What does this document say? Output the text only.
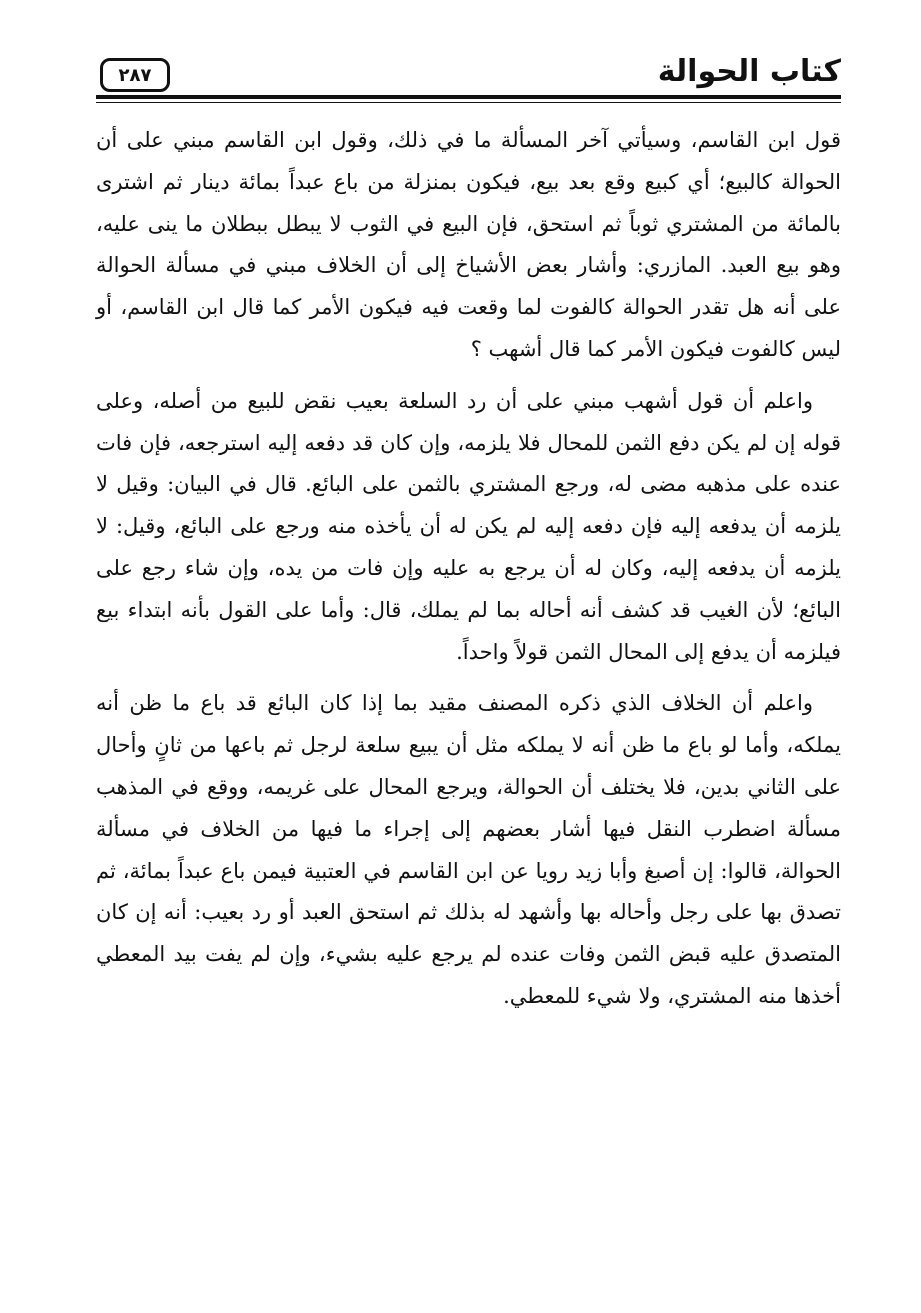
كتاب الحوالة
٢٨٧

قول ابن القاسم، وسيأتي آخر المسألة ما في ذلك، وقول ابن القاسم مبني على أن الحوالة كالبيع؛ أي كبيع وقع بعد بيع، فيكون بمنزلة من باع عبداً بمائة دينار ثم اشترى بالمائة من المشتري ثوباً ثم استحق، فإن البيع في الثوب لا يبطل ببطلان ما ينى عليه، وهو بيع العبد. المازري: وأشار بعض الأشياخ إلى أن الخلاف مبني في مسألة الحوالة على أنه هل تقدر الحوالة كالفوت لما وقعت فيه فيكون الأمر كما قال ابن القاسم، أو ليس كالفوت فيكون الأمر كما قال أشهب ؟

واعلم أن قول أشهب مبني على أن رد السلعة بعيب نقض للبيع من أصله، وعلى قوله إن لم يكن دفع الثمن للمحال فلا يلزمه، وإن كان قد دفعه إليه استرجعه، فإن فات عنده على مذهبه مضى له، ورجع المشتري بالثمن على البائع. قال في البيان: وقيل لا يلزمه أن يدفعه إليه فإن دفعه إليه لم يكن له أن يأخذه منه ورجع على البائع، وقيل: لا يلزمه أن يدفعه إليه، وكان له أن يرجع به عليه وإن فات من يده، وإن شاء رجع على البائع؛ لأن الغيب قد كشف أنه أحاله بما لم يملك، قال: وأما على القول بأنه ابتداء بيع فيلزمه أن يدفع إلى المحال الثمن قولاً واحداً.

واعلم أن الخلاف الذي ذكره المصنف مقيد بما إذا كان البائع قد باع ما ظن أنه يملكه، وأما لو باع ما ظن أنه لا يملكه مثل أن يبيع سلعة لرجل ثم باعها من ثانٍ وأحال على الثاني بدين، فلا يختلف أن الحوالة، ويرجع المحال على غريمه، ووقع في المذهب مسألة اضطرب النقل فيها أشار بعضهم إلى إجراء ما فيها من الخلاف في مسألة الحوالة، قالوا: إن أصبغ وأبا زيد رويا عن ابن القاسم في العتبية فيمن باع عبداً بمائة، ثم تصدق بها على رجل وأحاله بها وأشهد له بذلك ثم استحق العبد أو رد بعيب: أنه إن كان المتصدق عليه قبض الثمن وفات عنده لم يرجع عليه بشيء، وإن لم يفت بيد المعطي أخذها منه المشتري، ولا شيء للمعطي.
